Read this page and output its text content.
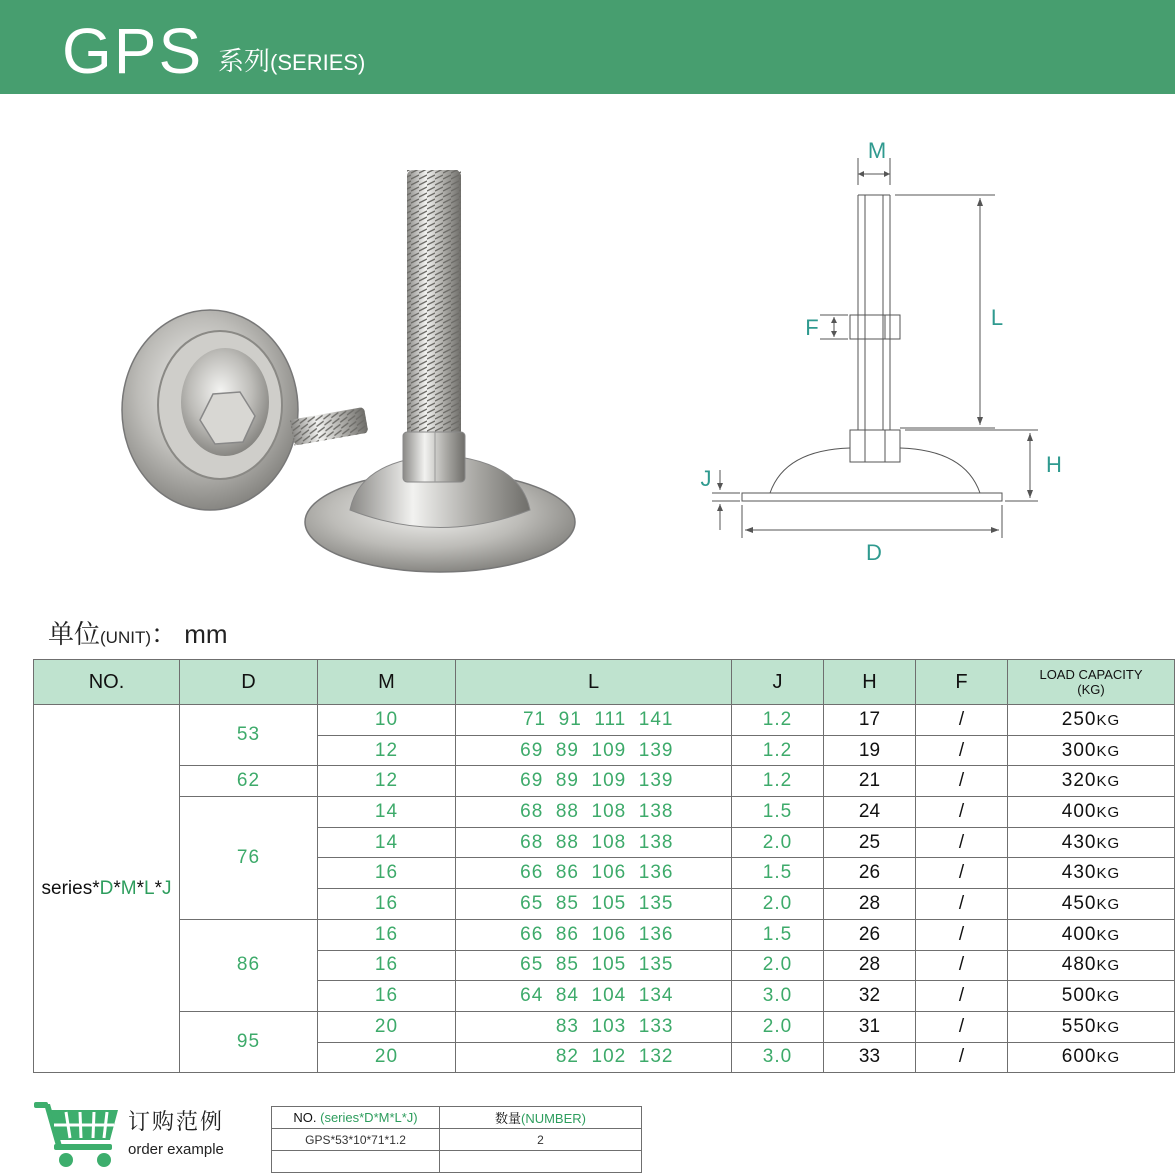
GPS 系列(SERIES)
M
L
F
H
J
D
单位(UNIT)： mm
NO.	D	M	L	J	H	F	LOAD CAPACITY
(KG)
series*D*M*L*J	53	10	71  91  111  141	1.2	17	/	250KG
		12	69  89  109  139	1.2	19	/	300KG
	62	12	69  89  109  139	1.2	21	/	320KG
	76	14	68  88  108  138	1.5	24	/	400KG
		14	68  88  108  138	2.0	25	/	430KG
		16	66  86  106  136	1.5	26	/	430KG
		16	65  85  105  135	2.0	28	/	450KG
	86	16	66  86  106  136	1.5	26	/	400KG
		16	65  85  105  135	2.0	28	/	480KG
		16	64  84  104  134	3.0	32	/	500KG
	95	20	83  103  133	2.0	31	/	550KG
		20	82  102  132	3.0	33	/	600KG
订购范例
order example
NO. (series*D*M*L*J)	数量(NUMBER)
GPS*53*10*71*1.2	2
